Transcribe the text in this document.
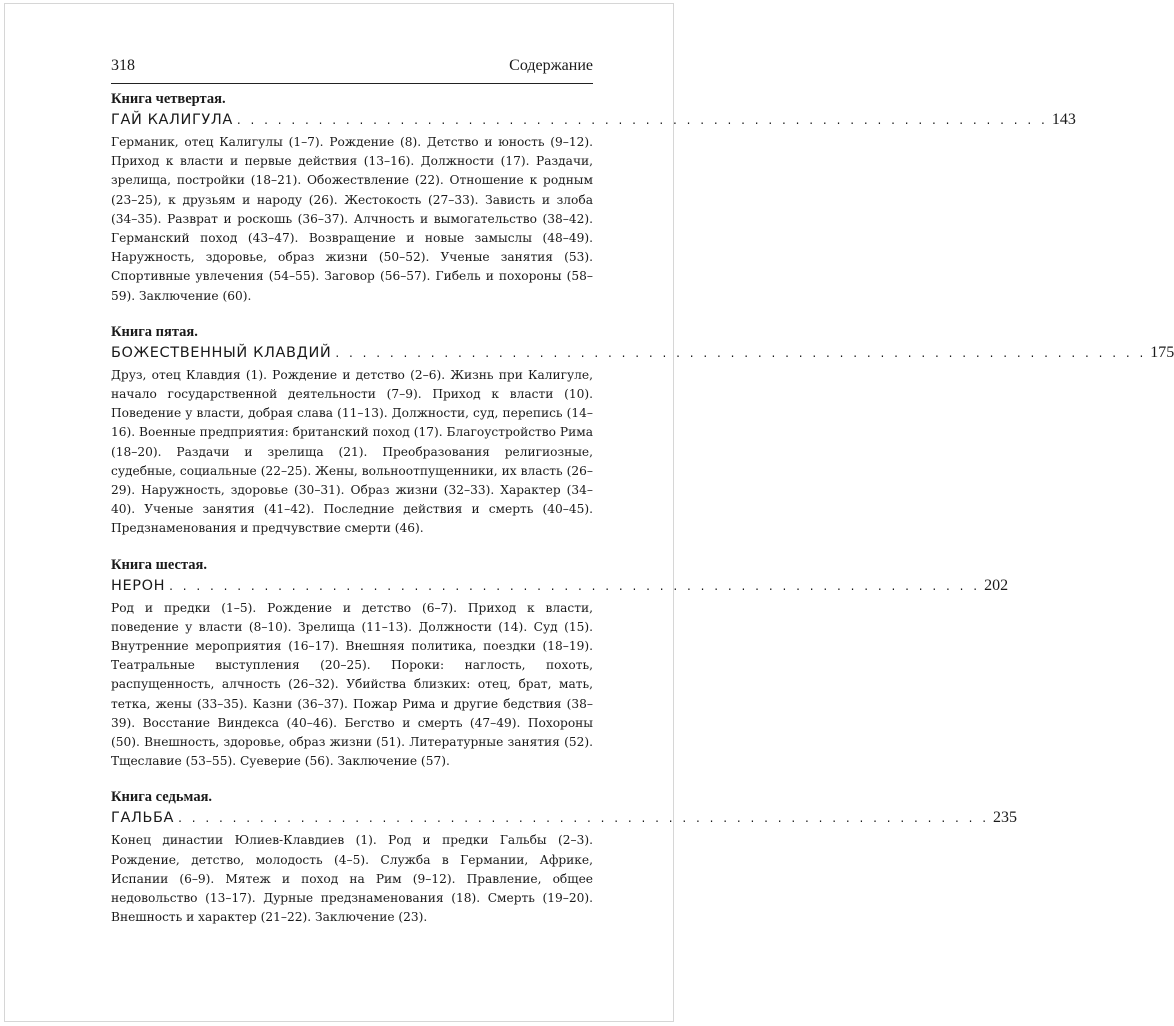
318	Содержание
Книга четвертая.
ГАЙ КАЛИГУЛА . . . . . . . . . . . . . . . . . . . . . . . . . . . . . . . . . . . . . . . . . . . . . . . . . . . . . . . . . . . . 143
Германик, отец Калигулы (1–7). Рождение (8). Детство и юность (9–12). Приход к власти и первые действия (13–16). Должности (17). Раздачи, зрелища, постройки (18–21). Обожествление (22). Отношение к родным (23–25), к друзьям и народу (26). Жестокость (27–33). Зависть и злоба (34–35). Разврат и роскошь (36–37). Алчность и вымогательство (38–42). Германский поход (43–47). Возвращение и новые замыслы (48–49). Наружность, здоровье, образ жизни (50–52). Ученые занятия (53). Спортивные увлечения (54–55). Заговор (56–57). Гибель и похороны (58–59). Заключение (60).
Книга пятая.
БОЖЕСТВЕННЫЙ КЛАВДИЙ . . . . . . . . . . . . . . . . . . . . . . . . . . . . . . . . . . . . . . . . . . . . . . . . . . . . . . . . . . . . 175
Друз, отец Клавдия (1). Рождение и детство (2–6). Жизнь при Калигуле, начало государственной деятельности (7–9). Приход к власти (10). Поведение у власти, добрая слава (11–13). Должности, суд, перепись (14–16). Военные предприятия: британский поход (17). Благоустройство Рима (18–20). Раздачи и зрелища (21). Преобразования религиозные, судебные, социальные (22–25). Жены, вольноотпущенники, их власть (26–29). Наружность, здоровье (30–31). Образ жизни (32–33). Характер (34–40). Ученые занятия (41–42). Последние действия и смерть (40–45). Предзнаменования и предчувствие смерти (46).
Книга шестая.
НЕРОН . . . . . . . . . . . . . . . . . . . . . . . . . . . . . . . . . . . . . . . . . . . . . . . . . . . . . . . . . . . . 202
Род и предки (1–5). Рождение и детство (6–7). Приход к власти, поведение у власти (8–10). Зрелища (11–13). Должности (14). Суд (15). Внутренние мероприятия (16–17). Внешняя политика, поездки (18–19). Театральные выступления (20–25). Пороки: наглость, похоть, распущенность, алчность (26–32). Убийства близких: отец, брат, мать, тетка, жены (33–35). Казни (36–37). Пожар Рима и другие бедствия (38–39). Восстание Виндекса (40–46). Бегство и смерть (47–49). Похороны (50). Внешность, здоровье, образ жизни (51). Литературные занятия (52). Тщеславие (53–55). Суеверие (56). Заключение (57).
Книга седьмая.
ГАЛЬБА . . . . . . . . . . . . . . . . . . . . . . . . . . . . . . . . . . . . . . . . . . . . . . . . . . . . . . . . . . . . 235
Конец династии Юлиев-Клавдиев (1). Род и предки Гальбы (2–3). Рождение, детство, молодость (4–5). Служба в Германии, Африке, Испании (6–9). Мятеж и поход на Рим (9–12). Правление, общее недовольство (13–17). Дурные предзнаменования (18). Смерть (19–20). Внешность и характер (21–22). Заключение (23).
